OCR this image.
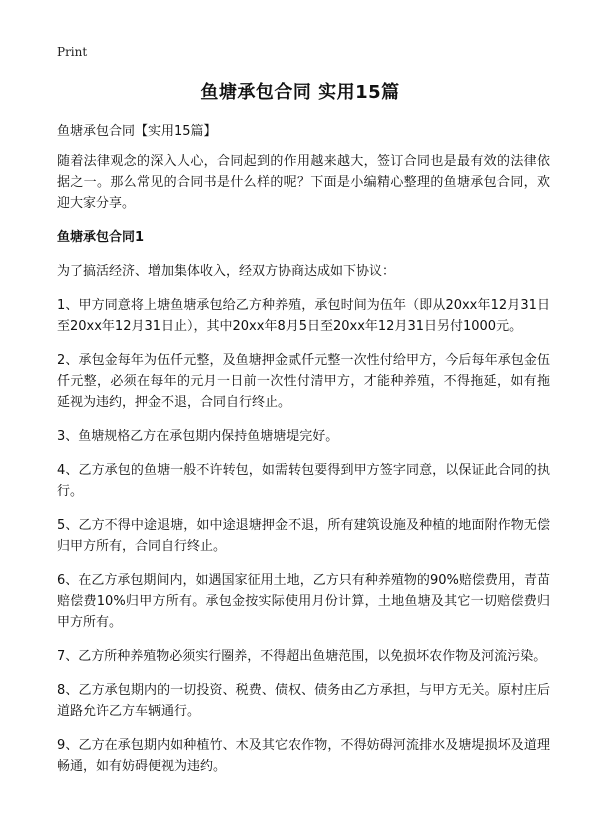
Print
鱼塘承包合同 实用15篇

鱼塘承包合同【实用15篇】

随着法律观念的深入人心，合同起到的作用越来越大，签订合同也是最有效的法律依据之一。那么常见的合同书是什么样的呢？下面是小编精心整理的鱼塘承包合同，欢迎大家分享。

鱼塘承包合同1

为了搞活经济、增加集体收入，经双方协商达成如下协议：

1、甲方同意将上塘鱼塘承包给乙方种养殖，承包时间为伍年（即从20xx年12月31日至20xx年12月31日止），其中20xx年8月5日至20xx年12月31日另付1000元。

2、承包金每年为伍仟元整，及鱼塘押金贰仟元整一次性付给甲方，今后每年承包金伍仟元整，必须在每年的元月一日前一次性付清甲方，才能种养殖，不得拖延，如有拖延视为违约，押金不退，合同自行终止。

3、鱼塘规格乙方在承包期内保持鱼塘塘堤完好。

4、乙方承包的鱼塘一般不许转包，如需转包要得到甲方签字同意，以保证此合同的执行。

5、乙方不得中途退塘，如中途退塘押金不退，所有建筑设施及种植的地面附作物无偿归甲方所有，合同自行终止。

6、在乙方承包期间内，如遇国家征用土地，乙方只有种养殖物的90%赔偿费用，青苗赔偿费10%归甲方所有。承包金按实际使用月份计算，土地鱼塘及其它一切赔偿费归甲方所有。

7、乙方所种养殖物必须实行圈养，不得超出鱼塘范围，以免损坏农作物及河流污染。

8、乙方承包期内的一切投资、税费、债权、债务由乙方承担，与甲方无关。原村庄后道路允许乙方车辆通行。

9、乙方在承包期内如种植竹、木及其它农作物，不得妨碍河流排水及塘堤损坏及道理畅通，如有妨碍便视为违约。
